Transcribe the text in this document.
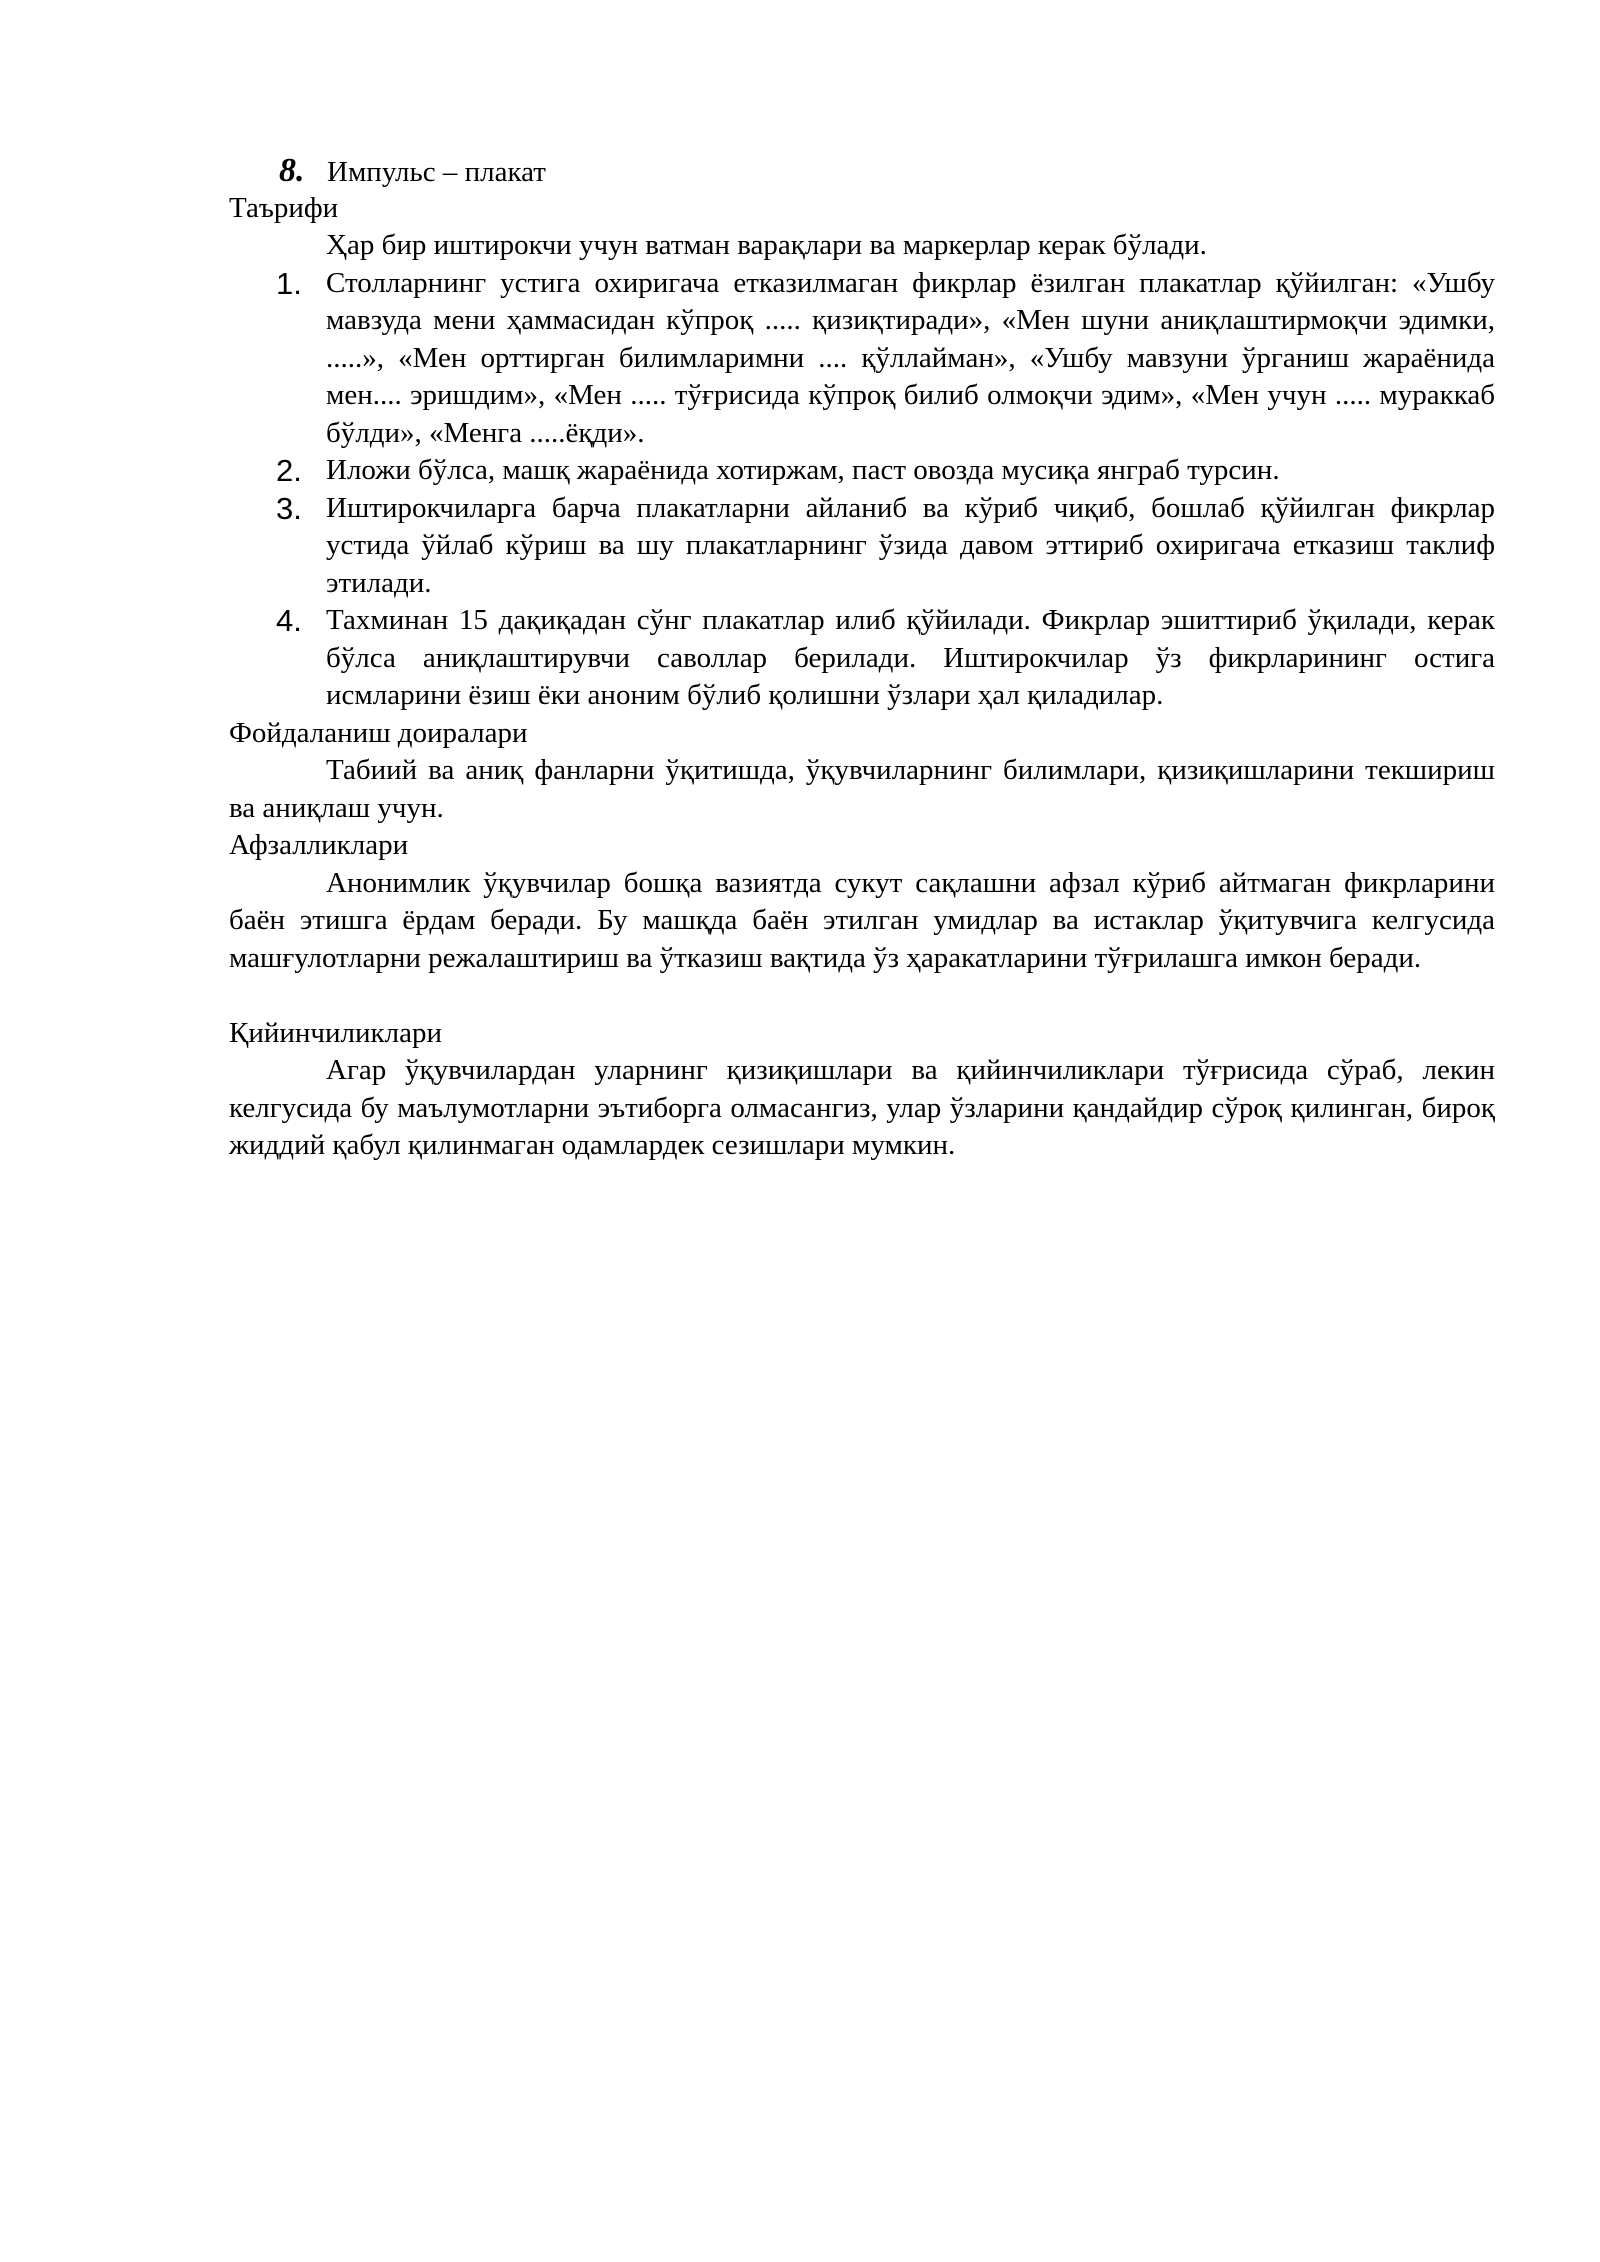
8. Импульс – плакат
Таърифи

Ҳар бир иштирокчи учун ватман варақлари ва маркерлар керак бўлади.

1. Столларнинг устига охиригача етказилмаган фикрлар ёзилган плакатлар қўйилган: «Ушбу мавзуда мени ҳаммасидан кўпроқ ..... қизиқтиради», «Мен шуни аниқлаштирмоқчи эдимки, .....», «Мен орттирган билимларимни .... қўллайман», «Ушбу мавзуни ўрганиш жараёнида мен.... эришдим», «Мен ..... тўғрисида кўпроқ билиб олмоқчи эдим», «Мен учун ..... мураккаб бўлди», «Менга .....ёқди».
2. Иложи бўлса, машқ жараёнида хотиржам, паст овозда мусиқа янграб турсин.
3. Иштирокчиларга барча плакатларни айланиб ва кўриб чиқиб, бошлаб қўйилган фикрлар устида ўйлаб кўриш ва шу плакатларнинг ўзида давом эттириб охиригача етказиш таклиф этилади.
4. Тахминан 15 дақиқадан сўнг плакатлар илиб қўйилади. Фикрлар эшиттириб ўқилади, керак бўлса аниқлаштирувчи саволлар берилади. Иштирокчилар ўз фикрларининг остига исмларини ёзиш ёки аноним бўлиб қолишни ўзлари ҳал қиладилар.
Фойдаланиш доиралари

Табиий ва аниқ фанларни ўқитишда, ўқувчиларнинг билимлари, қизиқишларини текшириш ва аниқлаш учун.

Афзалликлари

Анонимлик ўқувчилар бошқа вазиятда сукут сақлашни афзал кўриб айтмаган фикрларини баён этишга ёрдам беради. Бу машқда баён этилган умидлар ва истаклар ўқитувчига келгусида машғулотларни режалаштириш ва ўтказиш вақтида ўз ҳаракатларини тўғрилашга имкон беради.

Қийинчиликлари

Агар ўқувчилардан уларнинг қизиқишлари ва қийинчиликлари тўғрисида сўраб, лекин келгусида бу маълумотларни эътиборга олмасангиз, улар ўзларини қандайдир сўроқ қилинган, бироқ жиддий қабул қилинмаган одамлардек сезишлари мумкин.
